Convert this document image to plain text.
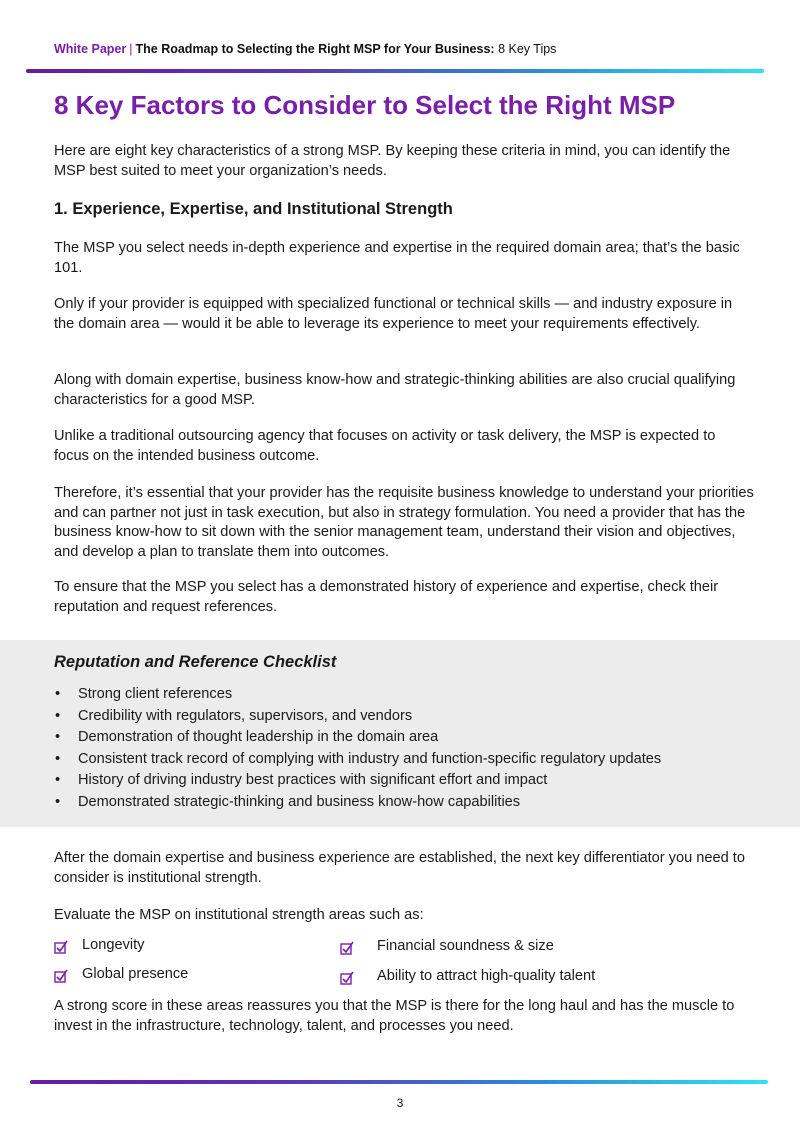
White Paper | The Roadmap to Selecting the Right MSP for Your Business: 8 Key Tips
8 Key Factors to Consider to Select the Right MSP

Here are eight key characteristics of a strong MSP. By keeping these criteria in mind, you can identify the MSP best suited to meet your organization’s needs.

1. Experience, Expertise, and Institutional Strength

The MSP you select needs in-depth experience and expertise in the required domain area; that’s the basic 101.

Only if your provider is equipped with specialized functional or technical skills — and industry exposure in the domain area — would it be able to leverage its experience to meet your requirements effectively.

Along with domain expertise, business know-how and strategic-thinking abilities are also crucial qualifying characteristics for a good MSP.

Unlike a traditional outsourcing agency that focuses on activity or task delivery, the MSP is expected to focus on the intended business outcome.

Therefore, it’s essential that your provider has the requisite business knowledge to understand your priorities and can partner not just in task execution, but also in strategy formulation. You need a provider that has the business know-how to sit down with the senior management team, understand their vision and objectives, and develop a plan to translate them into outcomes.

To ensure that the MSP you select has a demonstrated history of experience and expertise, check their reputation and request references.

Reputation and Reference Checklist
• Strong client references
• Credibility with regulators, supervisors, and vendors
• Demonstration of thought leadership in the domain area
• Consistent track record of complying with industry and function-specific regulatory updates
• History of driving industry best practices with significant effort and impact
• Demonstrated strategic-thinking and business know-how capabilities

After the domain expertise and business experience are established, the next key differentiator you need to consider is institutional strength.

Evaluate the MSP on institutional strength areas such as:

Longevity	Financial soundness & size
Global presence	Ability to attract high-quality talent

A strong score in these areas reassures you that the MSP is there for the long haul and has the muscle to invest in the infrastructure, technology, talent, and processes you need.

3
